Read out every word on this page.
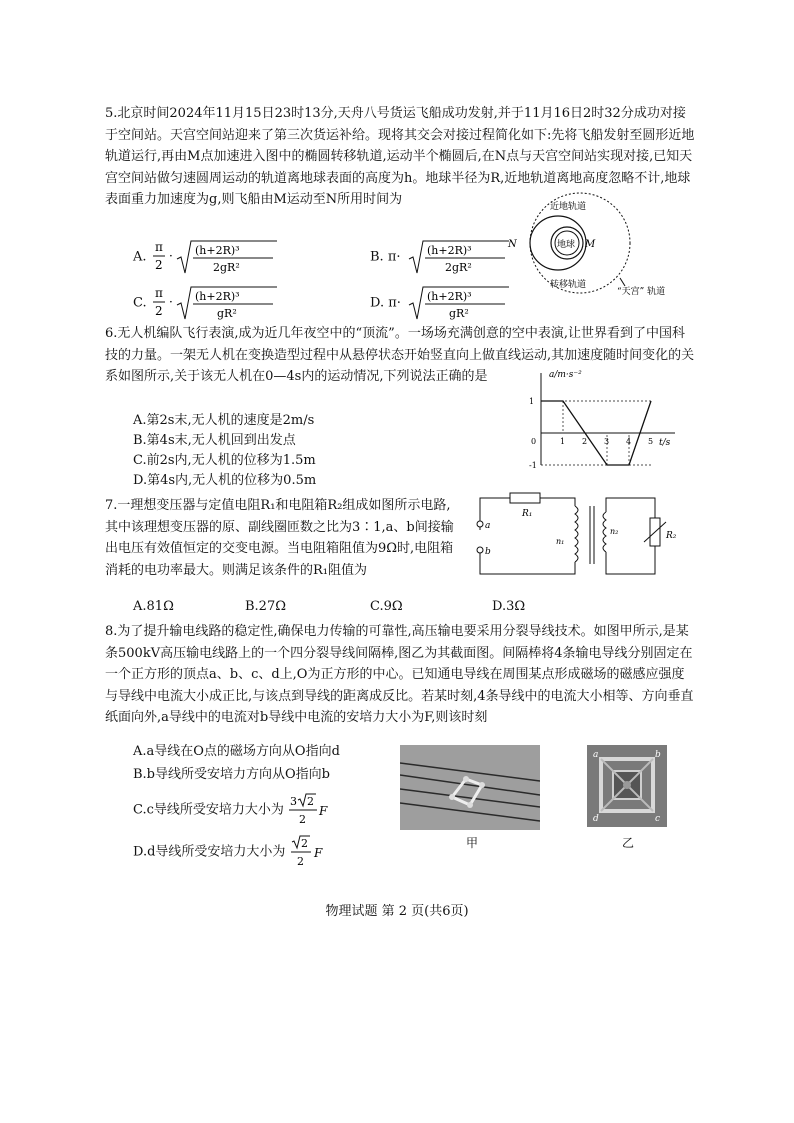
5.北京时间2024年11月15日23时13分,天舟八号货运飞船成功发射,并于11月16日2时32分成功对接于空间站。天宫空间站迎来了第三次货运补给。现将其交会对接过程简化如下:先将飞船发射至圆形近地轨道运行,再由M点加速进入图中的椭圆转移轨道,运动半个椭圆后,在N点与天宫空间站实现对接,已知天宫空间站做匀速圆周运动的轨道离地球表面的高度为h。地球半径为R,近地轨道离地高度忽略不计,地球表面重力加速度为g,则飞船由M运动至N所用时间为
A.
π
2
· (h+2R)³
2gR²
B. π· (h+2R)³
2gR²
C.
π
2
· (h+2R)³
gR²
D. π· (h+2R)³
gR²
地球 M
N
近地轨道
转移轨道
“天宫” 轨道
6.无人机编队飞行表演,成为近几年夜空中的“顶流”。一场场充满创意的空中表演,让世界看到了中国科技的力量。一架无人机在变换造型过程中从悬停状态开始竖直向上做直线运动,其加速度随时间变化的关系如图所示,关于该无人机在0—4s内的运动情况,下列说法正确的是
A.第2s末,无人机的速度是2m/s
B.第4s末,无人机回到出发点
C.前2s内,无人机的位移为1.5m
D.第4s内,无人机的位移为0.5m
a/m·s⁻²
t/s
0	1 2 3 4 5
1
-1
7.一理想变压器与定值电阻R₁和电阻箱R₂组成如图所示电路,其中该理想变压器的原、副线圈匝数之比为3∶1,a、b间接输出电压有效值恒定的交变电源。当电阻箱阻值为9Ω时,电阻箱消耗的电功率最大。则满足该条件的R₁阻值为
A.81Ω	B.27Ω	C.9Ω	D.3Ω
R₁
a
b
n₁
R₂
n₂
8.为了提升输电线路的稳定性,确保电力传输的可靠性,高压输电要采用分裂导线技术。如图甲所示,是某条500kV高压输电线路上的一个四分裂导线间隔棒,图乙为其截面图。间隔棒将4条输电导线分别固定在一个正方形的顶点a、b、c、d上,O为正方形的中心。已知通电导线在周围某点形成磁场的磁感应强度与导线中电流大小成正比,与该点到导线的距离成反比。若某时刻,4条导线中的电流大小相等、方向垂直纸面向外,a导线中的电流对b导线中电流的安培力大小为F,则该时刻
A.a导线在O点的磁场方向从O指向d
B.b导线所受安培力方向从O指向b
C.c导线所受安培力大小为
3 2
2
F
D.d导线所受安培力大小为
2
2
F
甲
a	b
c
d
乙
物理试题 第 2 页(共6页)
